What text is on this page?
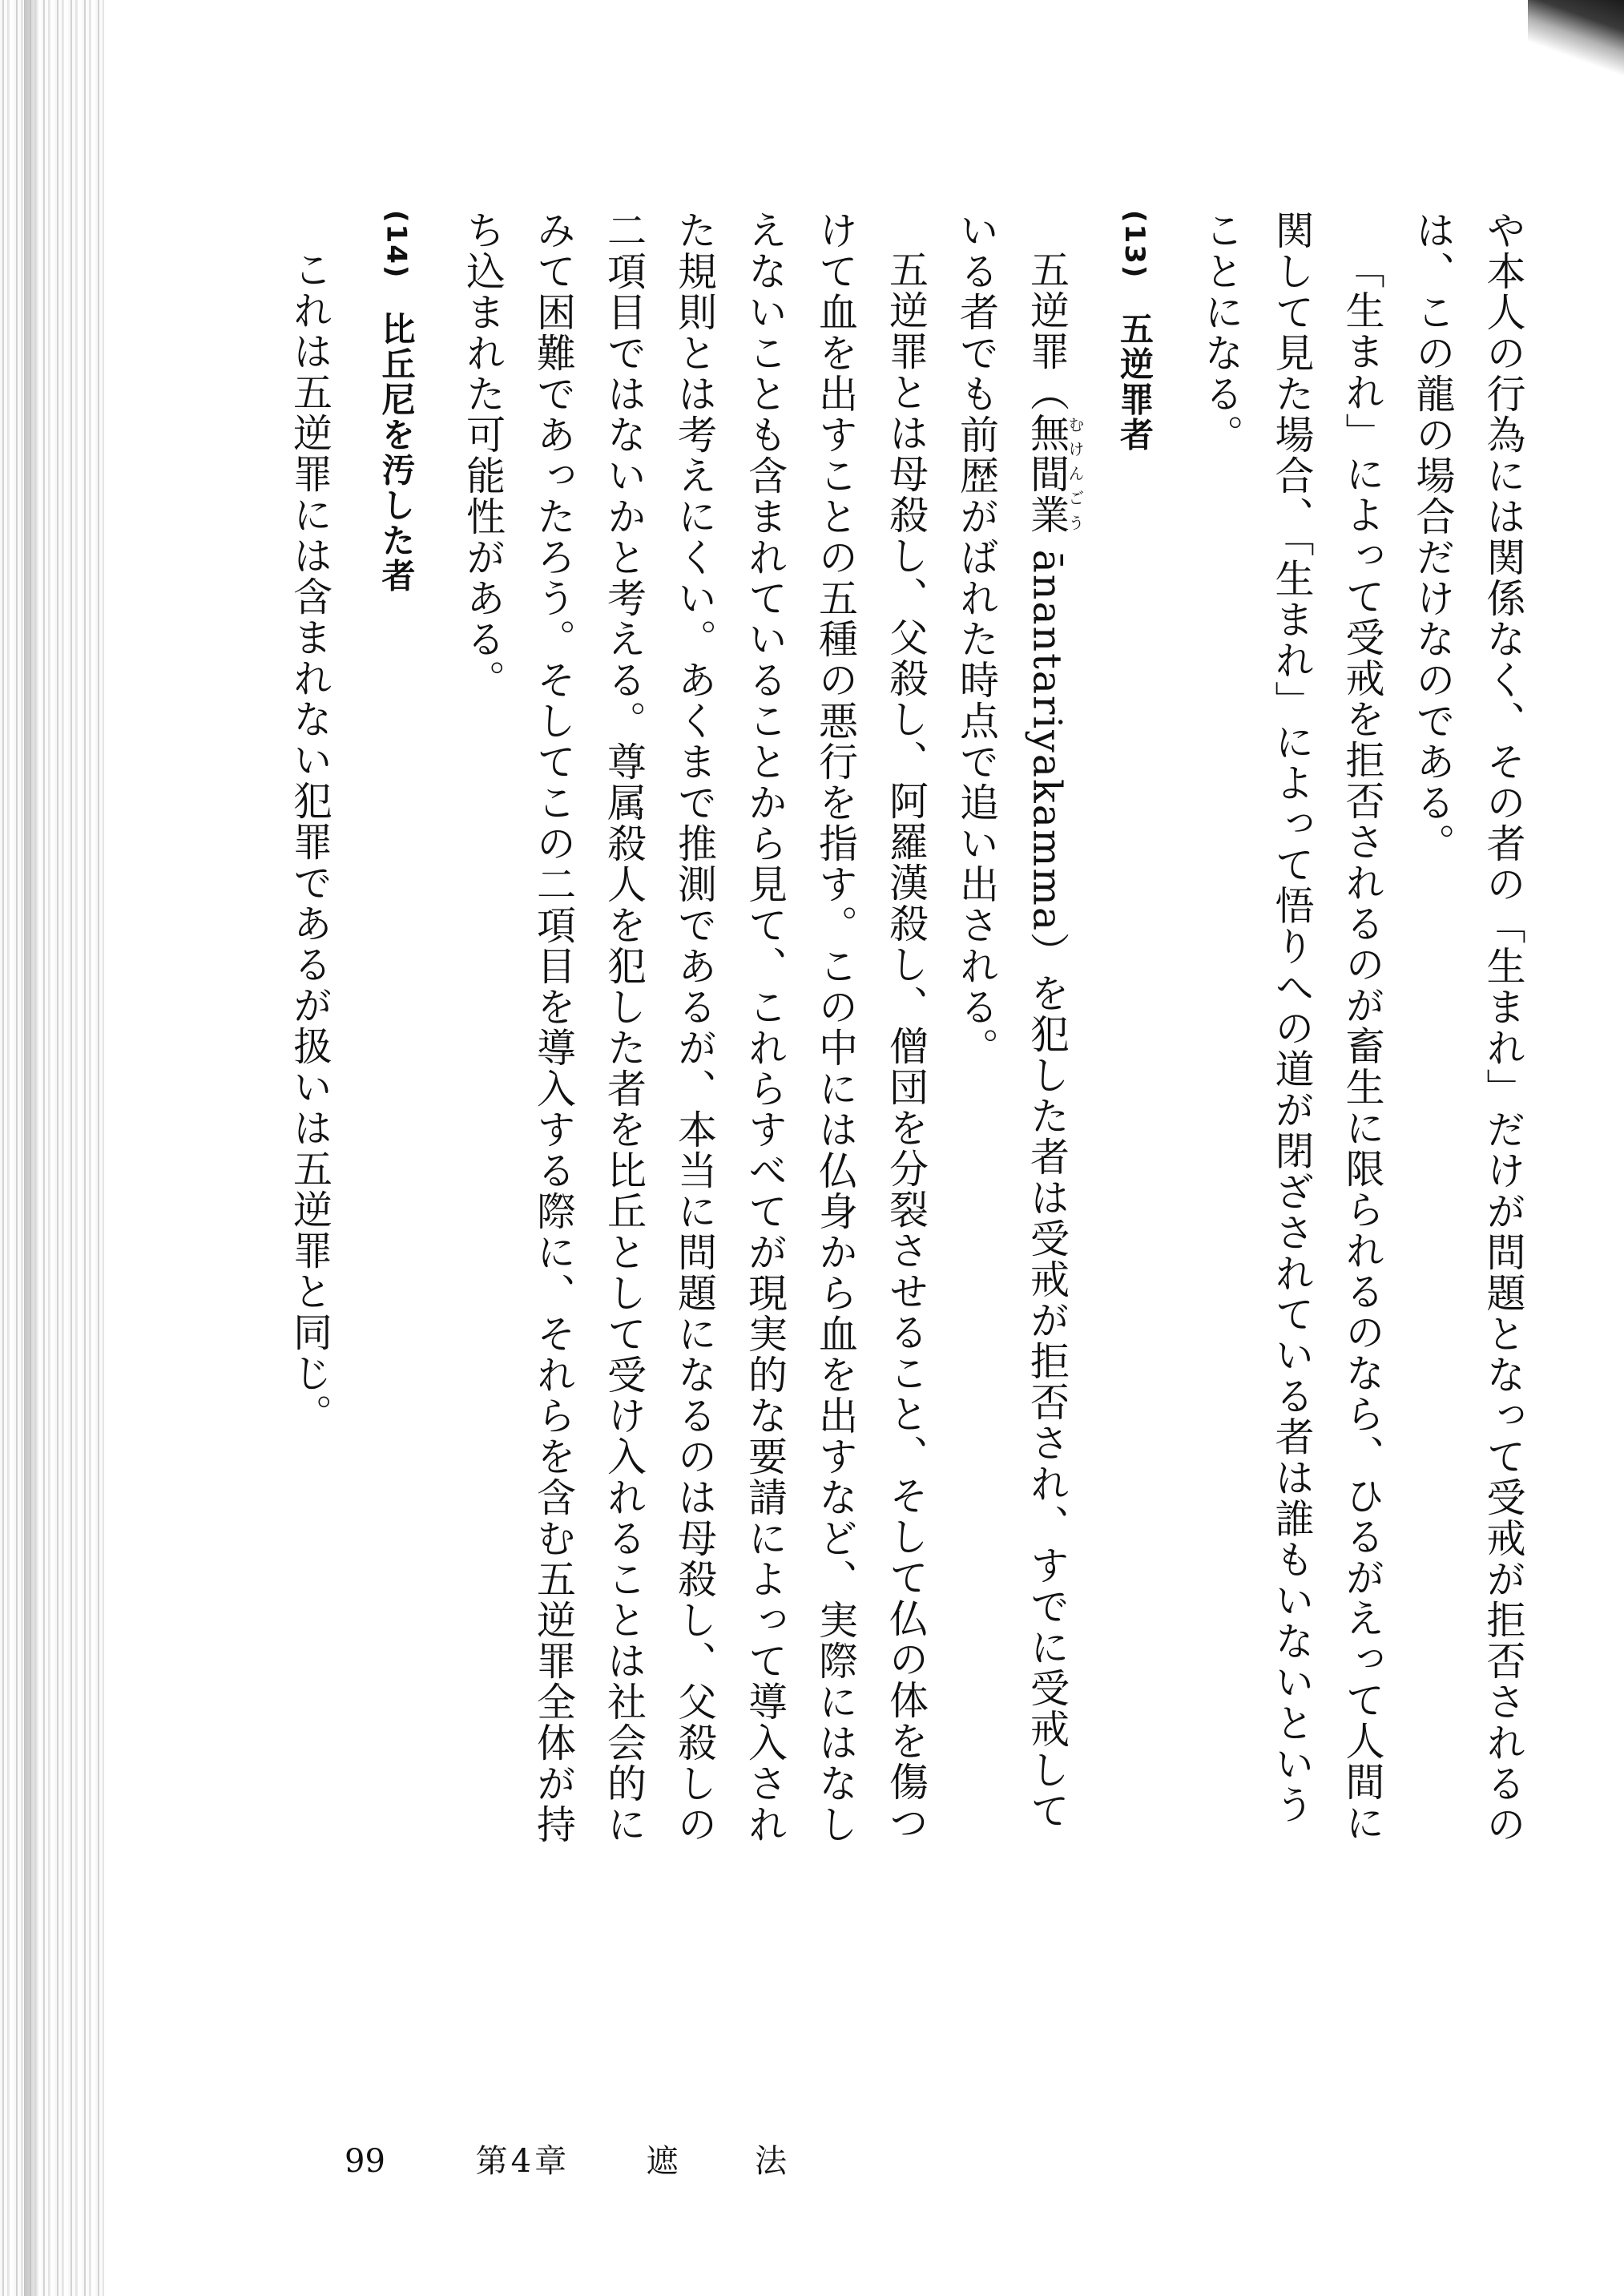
や本人の行為には関係なく、その者の「生まれ」だけが問題となって受戒が拒否されるのは、この龍の場合だけなのである。

「生まれ」によって受戒を拒否されるのが畜生に限られるのなら、ひるがえって人間に関して見た場合、「生まれ」によって悟りへの道が閉ざされている者は誰もいないということになる。

(13)五逆罪者

五逆罪（無間業むけんごう ānantariyakamma）を犯した者は受戒が拒否され、すでに受戒している者でも前歴がばれた時点で追い出される。

五逆罪とは母殺し、父殺し、阿羅漢殺し、僧団を分裂させること、そして仏の体を傷つけて血を出すことの五種の悪行を指す。この中には仏身から血を出すなど、実際にはなしえないことも含まれていることから見て、これらすべてが現実的な要請によって導入された規則とは考えにくい。あくまで推測であるが、本当に問題になるのは母殺し、父殺しの二項目ではないかと考える。尊属殺人を犯した者を比丘として受け入れることは社会的にみて困難であったろう。そしてこの二項目を導入する際に、それらを含む五逆罪全体が持ち込まれた可能性がある。

(14)比丘尼を汚した者

これは五逆罪には含まれない犯罪であるが扱いは五逆罪と同じ。

99	第4章 遮 法
